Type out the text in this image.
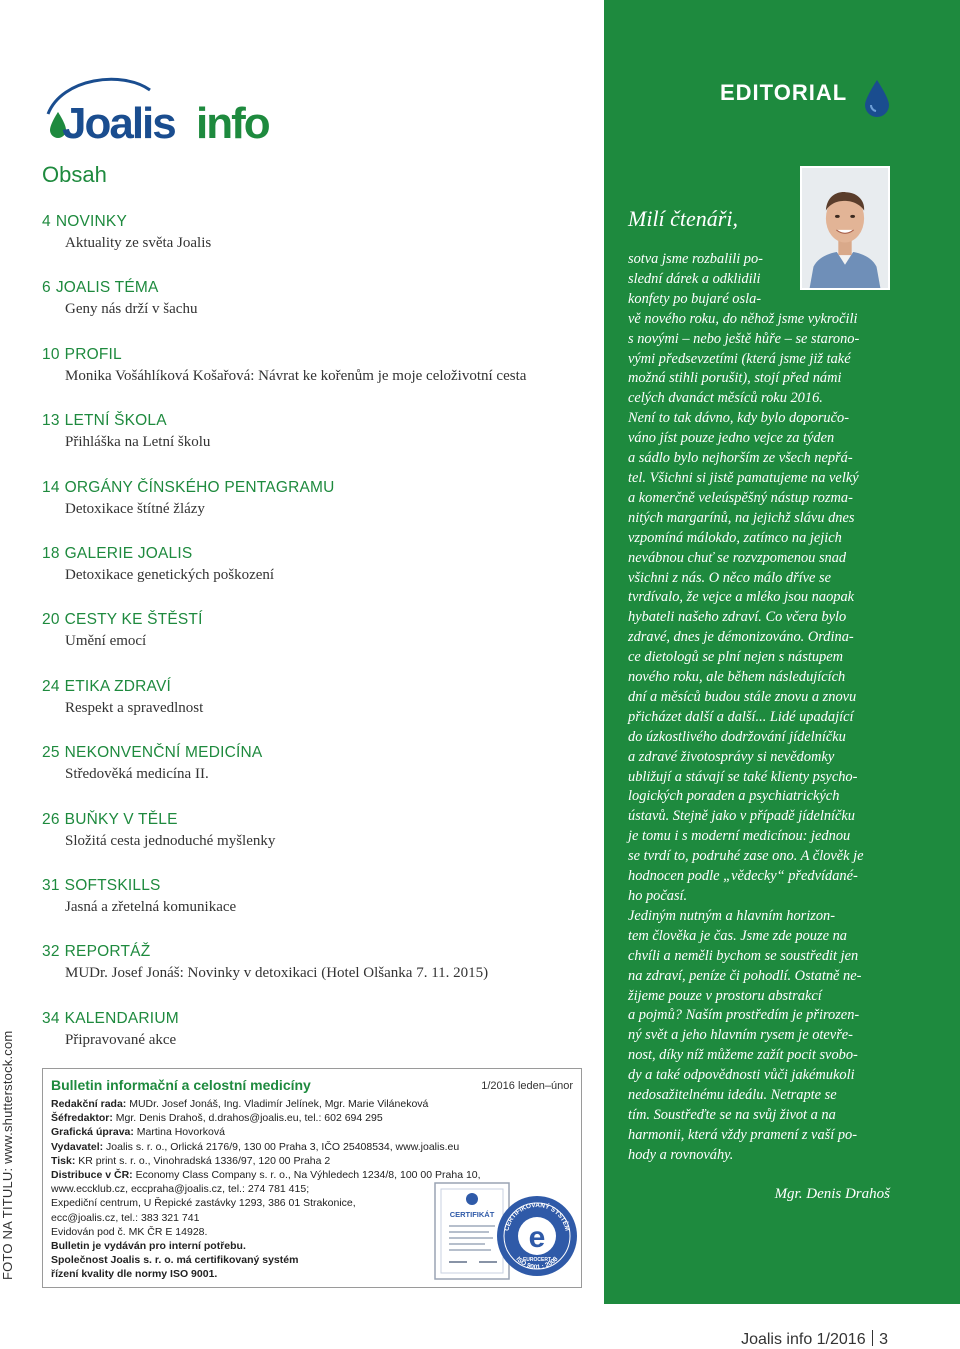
Joalis info
Obsah
4 NOVINKY
Aktuality ze světa Joalis
6 JOALIS TÉMA
Geny nás drží v šachu
10 PROFIL
Monika Vošáhlíková Košařová: Návrat ke kořenům je moje celoživotní cesta
13 LETNÍ ŠKOLA
Přihláška na Letní školu
14 ORGÁNY ČÍNSKÉHO PENTAGRAMU
Detoxikace štítné žlázy
18 GALERIE JOALIS
Detoxikace genetických poškození
20 CESTY KE ŠTĚSTÍ
Umění emocí
24 ETIKA ZDRAVÍ
Respekt a spravedlnost
25 NEKONVENČNÍ MEDICÍNA
Středověká medicína II.
26 BUŇKY V TĚLE
Složitá cesta jednoduché myšlenky
31 SOFTSKILLS
Jasná a zřetelná komunikace
32 REPORTÁŽ
MUDr. Josef Jonáš: Novinky v detoxikaci (Hotel Olšanka 7. 11. 2015)
34 KALENDARIUM
Připravované akce
FOTO NA TITULU: www.shutterstock.com	Bulletin informační a celostní medicíny	1/2016 leden–únor
Redakční rada: MUDr. Josef Jonáš, Ing. Vladimír Jelínek, Mgr. Marie Viláneková
Šéfredaktor: Mgr. Denis Drahoš, d.drahos@joalis.eu, tel.: 602 694 295
Grafická úprava: Martina Hovorková
Vydavatel: Joalis s. r. o., Orlická 2176/9, 130 00 Praha 3, IČO 25408534, www.joalis.eu
Tisk: KR print s. r. o., Vinohradská 1336/97, 120 00 Praha 2
Distribuce v ČR: Economy Class Company s. r. o., Na Výhledech 1234/8, 100 00 Praha 10,
www.eccklub.cz, eccpraha@joalis.cz, tel.: 274 781 415;
Expediční centrum, U Řepické zastávky 1293, 386 01 Strakonice,
ecc@joalis.cz, tel.: 383 321 741
Evidován pod č. MK ČR E 14928.
Bulletin je vydáván pro interní potřebu.
Společnost Joalis s. r. o. má certifikovaný systém
řízení kvality dle normy ISO 9001.
CERTIFIKÁT
e
CERTIFIKOVANÝ SYSTÉM
ISO 9001 : 2008
EUROCERT
EDITORIAL
Milí čtenáři,
sotva jsme rozbalili po-
slední dárek a odklidili
konfety po bujaré osla-
vě nového roku, do něhož jsme vykročili
s novými – nebo ještě hůře – se starono-
vými předsevzetími (která jsme již také
možná stihli porušit), stojí před námi
celých dvanáct měsíců roku 2016.
Není to tak dávno, kdy bylo doporučo-
váno jíst pouze jedno vejce za týden
a sádlo bylo nejhorším ze všech nepřá-
tel. Všichni si jistě pamatujeme na velký
a komerčně veleúspěšný nástup rozma-
nitých margarínů, na jejichž slávu dnes
vzpomíná málokdo, zatímco na jejich
nevábnou chuť se rozvzpomenou snad
všichni z nás. O něco málo dříve se
tvrdívalo, že vejce a mléko jsou naopak
hybateli našeho zdraví. Co včera bylo
zdravé, dnes je démonizováno. Ordina-
ce dietologů se plní nejen s nástupem
nového roku, ale během následujících
dní a měsíců budou stále znovu a znovu
přicházet další a další... Lidé upadající
do úzkostlivého dodržování jídelníčku
a zdravé životosprávy si nevědomky
ubližují a stávají se také klienty psycho-
logických poraden a psychiatrických
ústavů. Stejně jako v případě jídelníčku
je tomu i s moderní medicínou: jednou
se tvrdí to, podruhé zase ono. A člověk je
hodnocen podle „vědecky“ předvídané-
ho počasí.
Jediným nutným a hlavním horizon-
tem člověka je čas. Jsme zde pouze na
chvíli a neměli bychom se soustředit jen
na zdraví, peníze či pohodlí. Ostatně ne-
žijeme pouze v prostoru abstrakcí
a pojmů? Naším prostředím je přirozen-
ný svět a jeho hlavním rysem je otevře-
nost, díky níž můžeme zažít pocit svobo-
dy a také odpovědnosti vůči jakémukoli
nedosažitelnému ideálu. Netrapte se
tím. Soustřeďte se na svůj život a na
harmonii, která vždy pramení z vaší po-
hody a rovnováhy.
Mgr. Denis Drahoš
Joalis info 1/2016 3
